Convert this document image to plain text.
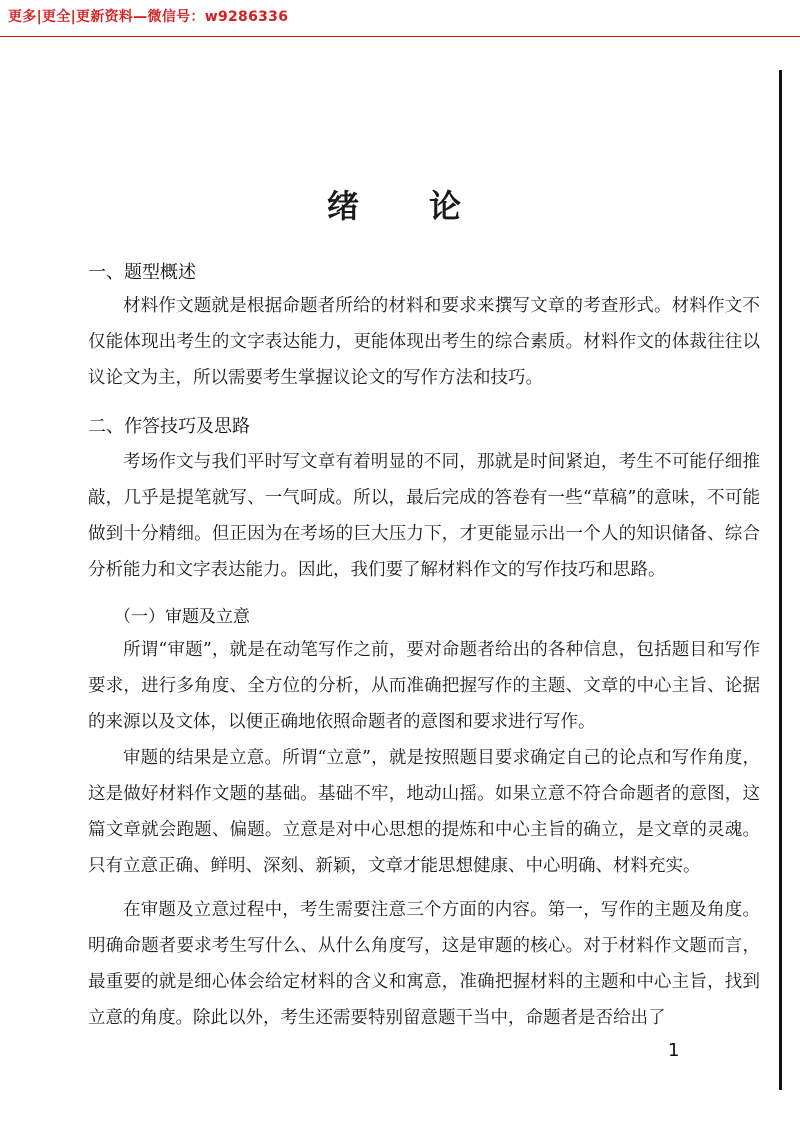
更多|更全|更新资料—微信号：w9286336
绪　　论
一、题型概述

材料作文题就是根据命题者所给的材料和要求来撰写文章的考查形式。材料作文不仅能体现出考生的文字表达能力，更能体现出考生的综合素质。材料作文的体裁往往以议论文为主，所以需要考生掌握议论文的写作方法和技巧。

二、作答技巧及思路

考场作文与我们平时写文章有着明显的不同，那就是时间紧迫，考生不可能仔细推敲，几乎是提笔就写、一气呵成。所以，最后完成的答卷有一些“草稿”的意味，不可能做到十分精细。但正因为在考场的巨大压力下，才更能显示出一个人的知识储备、综合分析能力和文字表达能力。因此，我们要了解材料作文的写作技巧和思路。

（一）审题及立意

所谓“审题”，就是在动笔写作之前，要对命题者给出的各种信息，包括题目和写作要求，进行多角度、全方位的分析，从而准确把握写作的主题、文章的中心主旨、论据的来源以及文体，以便正确地依照命题者的意图和要求进行写作。

审题的结果是立意。所谓“立意”，就是按照题目要求确定自己的论点和写作角度，这是做好材料作文题的基础。基础不牢，地动山摇。如果立意不符合命题者的意图，这篇文章就会跑题、偏题。立意是对中心思想的提炼和中心主旨的确立，是文章的灵魂。只有立意正确、鲜明、深刻、新颖，文章才能思想健康、中心明确、材料充实。

在审题及立意过程中，考生需要注意三个方面的内容。第一，写作的主题及角度。明确命题者要求考生写什么、从什么角度写，这是审题的核心。对于材料作文题而言，最重要的就是细心体会给定材料的含义和寓意，准确把握材料的主题和中心主旨，找到立意的角度。除此以外，考生还需要特别留意题干当中，命题者是否给出了

1
